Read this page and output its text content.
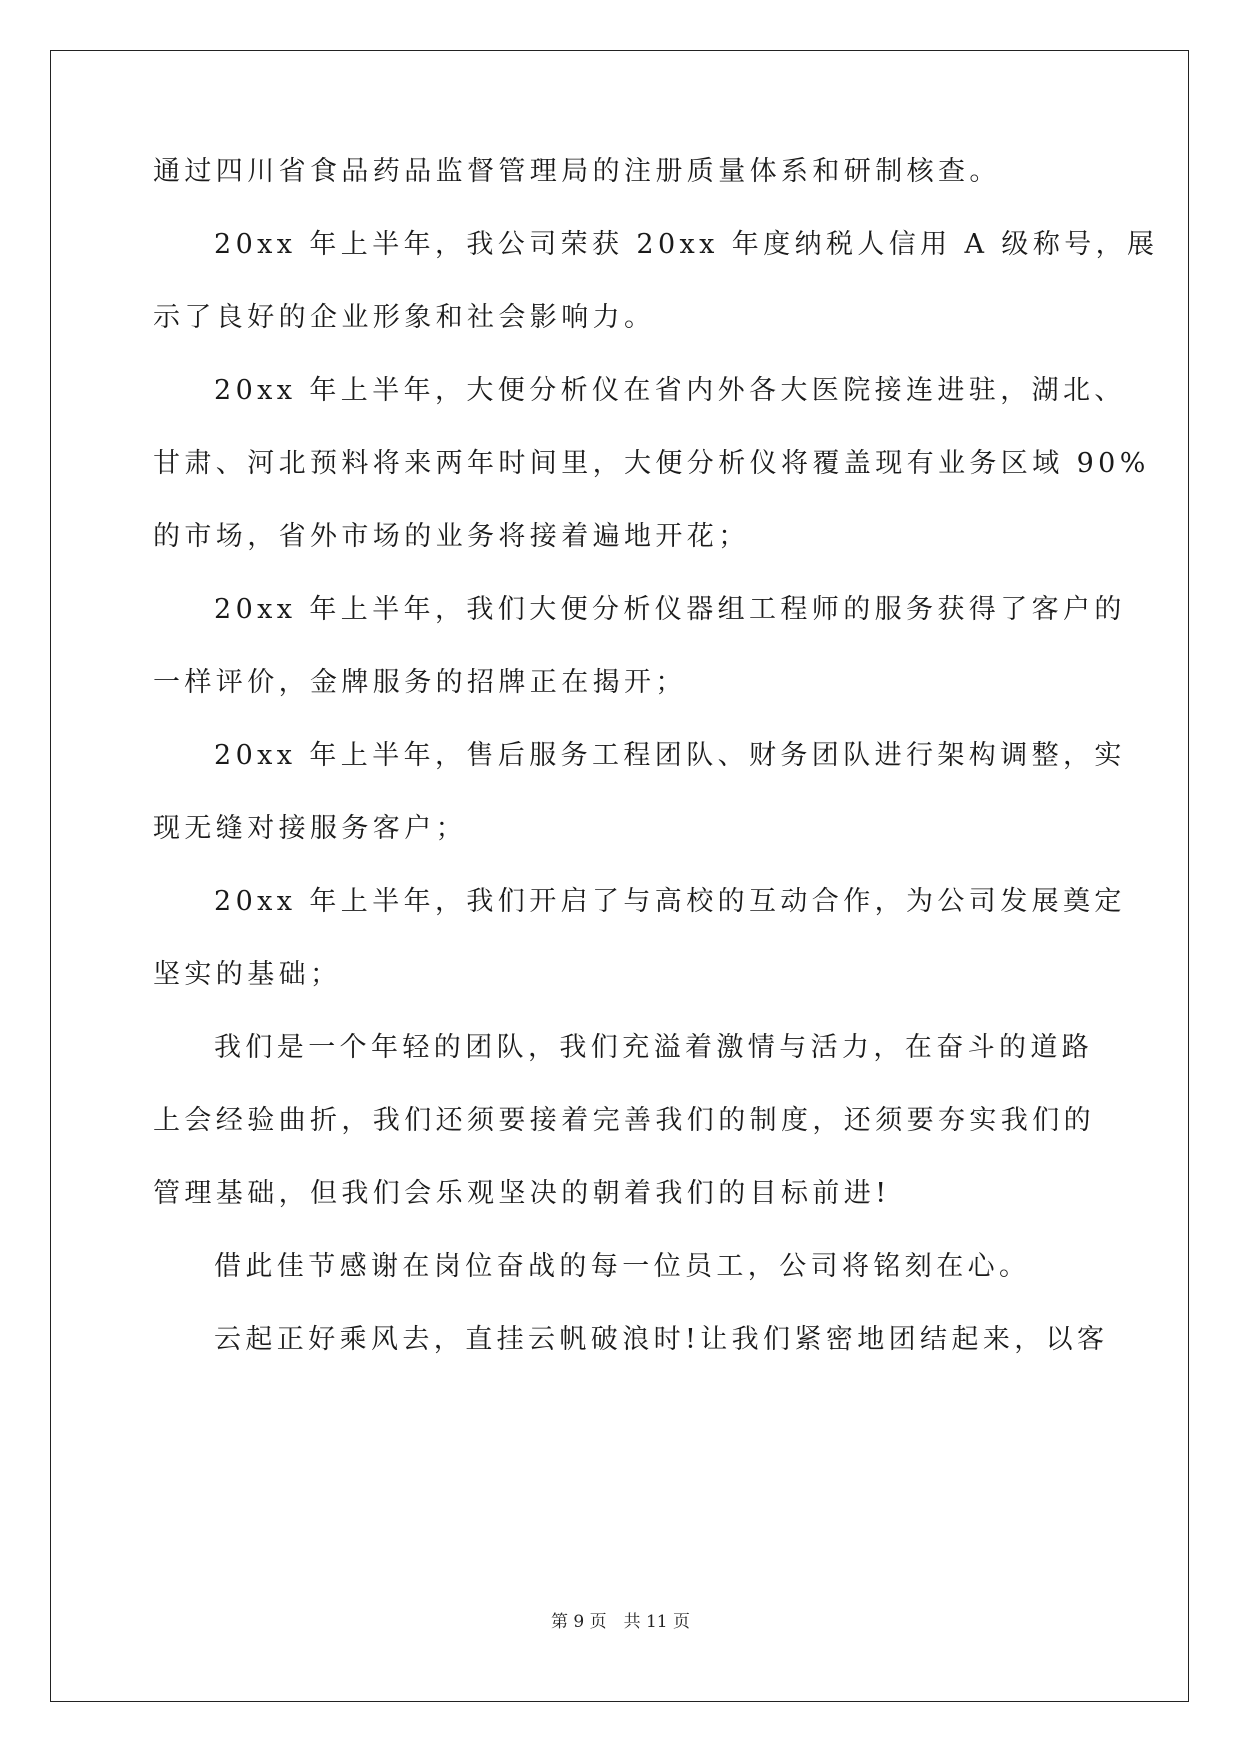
通过四川省食品药品监督管理局的注册质量体系和研制核查。
20xx 年上半年，我公司荣获 20xx 年度纳税人信用 A 级称号，展
示了良好的企业形象和社会影响力。
20xx 年上半年，大便分析仪在省内外各大医院接连进驻，湖北、
甘肃、河北预料将来两年时间里，大便分析仪将覆盖现有业务区域 90%
的市场，省外市场的业务将接着遍地开花；
20xx 年上半年，我们大便分析仪器组工程师的服务获得了客户的
一样评价，金牌服务的招牌正在揭开；
20xx 年上半年，售后服务工程团队、财务团队进行架构调整，实
现无缝对接服务客户；
20xx 年上半年，我们开启了与高校的互动合作，为公司发展奠定
坚实的基础；
我们是一个年轻的团队，我们充溢着激情与活力，在奋斗的道路
上会经验曲折，我们还须要接着完善我们的制度，还须要夯实我们的
管理基础，但我们会乐观坚决的朝着我们的目标前进!
借此佳节感谢在岗位奋战的每一位员工，公司将铭刻在心。
云起正好乘风去，直挂云帆破浪时!让我们紧密地团结起来，以客
第 9 页　共 11 页
